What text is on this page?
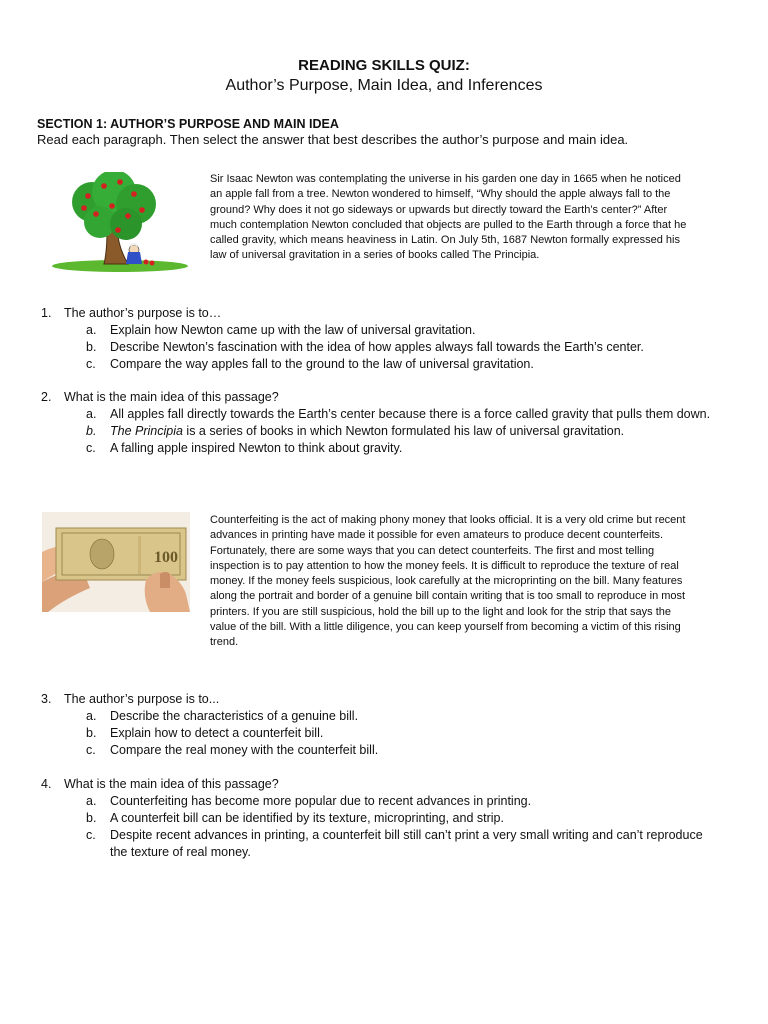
READING SKILLS QUIZ:
Author’s Purpose, Main Idea, and Inferences
SECTION 1: AUTHOR’S PURPOSE AND MAIN IDEA
Read each paragraph. Then select the answer that best describes the author’s purpose and main idea.
Sir Isaac Newton was contemplating the universe in his garden one day in 1665 when he noticed an apple fall from a tree. Newton wondered to himself, “Why should the apple always fall to the ground? Why does it not go sideways or upwards but directly toward the Earth’s center?” After much contemplation Newton concluded that objects are pulled to the Earth through a force that he called gravity, which means heaviness in Latin. On July 5th, 1687 Newton formally expressed his law of universal gravitation in a series of books called The Principia.
1. The author’s purpose is to…
a. Explain how Newton came up with the law of universal gravitation.
b. Describe Newton’s fascination with the idea of how apples always fall towards the Earth’s center.
c. Compare the way apples fall to the ground to the law of universal gravitation.
2. What is the main idea of this passage?
a. All apples fall directly towards the Earth’s center because there is a force called gravity that pulls them down.
b. The Principia is a series of books in which Newton formulated his law of universal gravitation.
c. A falling apple inspired Newton to think about gravity.
100
Counterfeiting is the act of making phony money that looks official. It is a very old crime but recent advances in printing have made it possible for even amateurs to produce decent counterfeits. Fortunately, there are some ways that you can detect counterfeits. The first and most telling inspection is to pay attention to how the money feels. It is difficult to reproduce the texture of real money. If the money feels suspicious, look carefully at the microprinting on the bill. Many features along the portrait and border of a genuine bill contain writing that is too small to reproduce in most printers. If you are still suspicious, hold the bill up to the light and look for the strip that says the value of the bill. With a little diligence, you can keep yourself from becoming a victim of this rising trend.
3. The author’s purpose is to...
a. Describe the characteristics of a genuine bill.
b. Explain how to detect a counterfeit bill.
c. Compare the real money with the counterfeit bill.
4. What is the main idea of this passage?
a. Counterfeiting has become more popular due to recent advances in printing.
b. A counterfeit bill can be identified by its texture, microprinting, and strip.
c. Despite recent advances in printing, a counterfeit bill still can’t print a very small writing and can’t reproduce the texture of real money.
